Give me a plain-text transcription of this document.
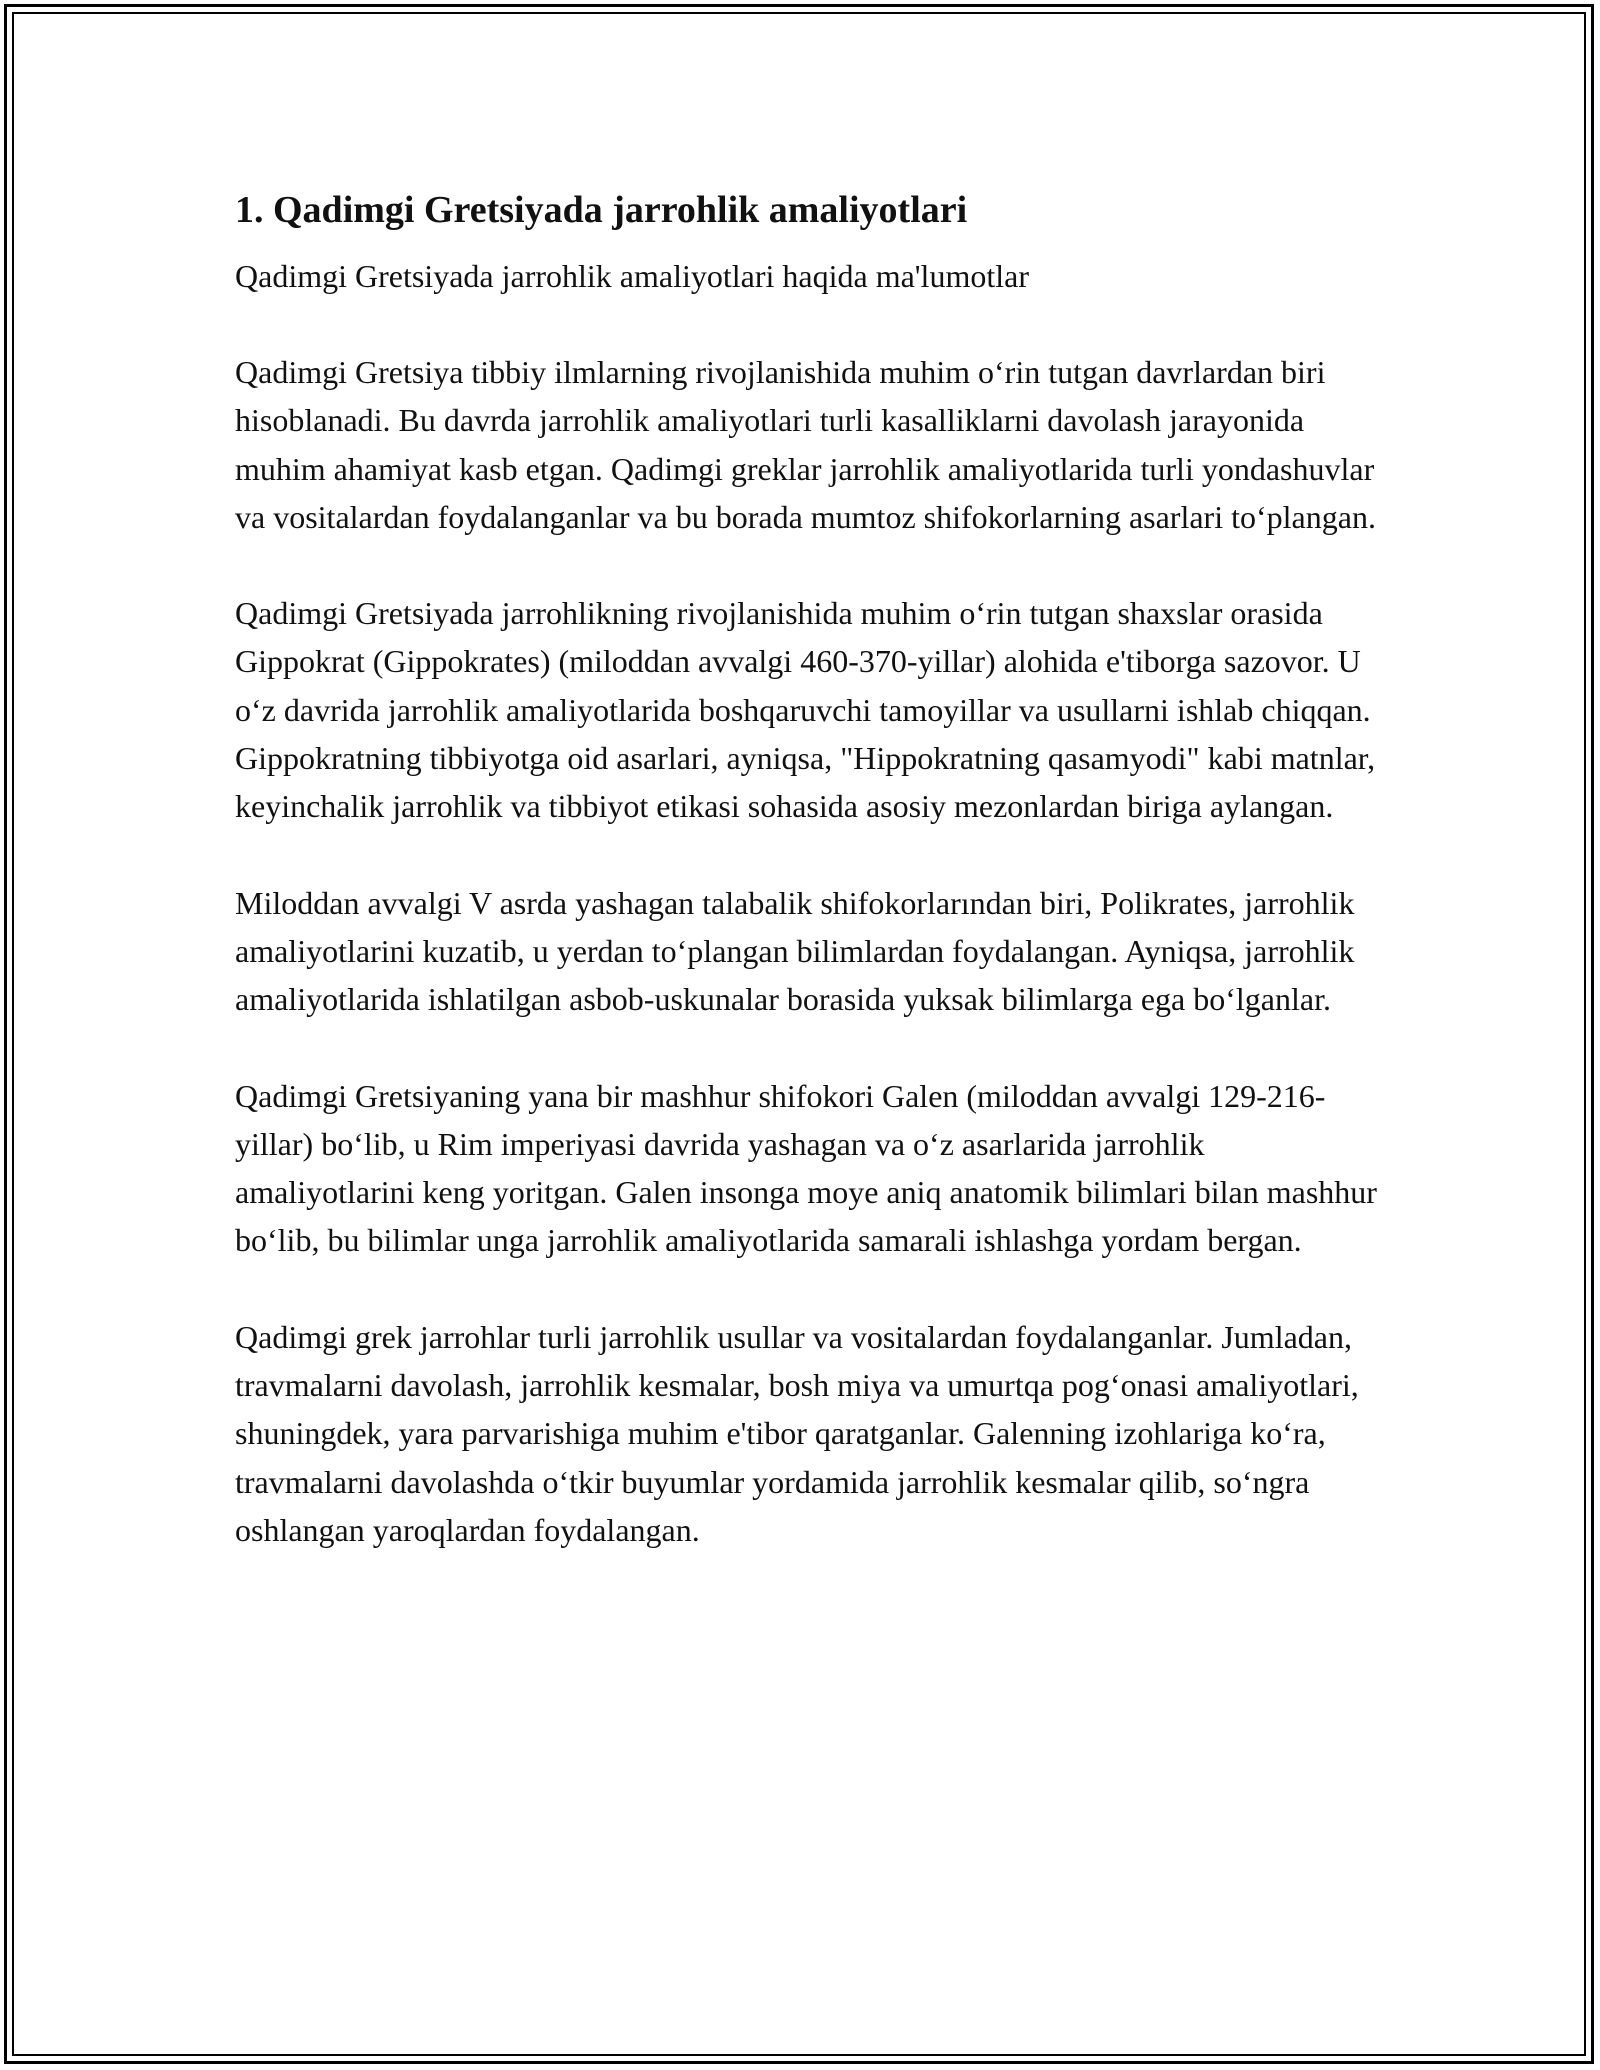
1. Qadimgi Gretsiyada jarrohlik amaliyotlari

Qadimgi Gretsiyada jarrohlik amaliyotlari haqida ma'lumotlar

Qadimgi Gretsiya tibbiy ilmlarning rivojlanishida muhim o‘rin tutgan davrlardan biri hisoblanadi. Bu davrda jarrohlik amaliyotlari turli kasalliklarni davolash jarayonida muhim ahamiyat kasb etgan. Qadimgi greklar jarrohlik amaliyotlarida turli yondashuvlar va vositalardan foydalanganlar va bu borada mumtoz shifokorlarning asarlari to‘plangan.

Qadimgi Gretsiyada jarrohlikning rivojlanishida muhim o‘rin tutgan shaxslar orasida Gippokrat (Gippokrates) (miloddan avvalgi 460-370-yillar) alohida e'tiborga sazovor. U o‘z davrida jarrohlik amaliyotlarida boshqaruvchi tamoyillar va usullarni ishlab chiqqan. Gippokratning tibbiyotga oid asarlari, ayniqsa, "Hippokratning qasamyodi" kabi matnlar, keyinchalik jarrohlik va tibbiyot etikasi sohasida asosiy mezonlardan biriga aylangan.

Miloddan avvalgi V asrda yashagan talabalik shifokorlarından biri, Polikrates, jarrohlik amaliyotlarini kuzatib, u yerdan to‘plangan bilimlardan foydalangan. Ayniqsa, jarrohlik amaliyotlarida ishlatilgan asbob-uskunalar borasida yuksak bilimlarga ega bo‘lganlar.

Qadimgi Gretsiyaning yana bir mashhur shifokori Galen (miloddan avvalgi 129-216-yillar) bo‘lib, u Rim imperiyasi davrida yashagan va o‘z asarlarida jarrohlik amaliyotlarini keng yoritgan. Galen insonga moye aniq anatomik bilimlari bilan mashhur bo‘lib, bu bilimlar unga jarrohlik amaliyotlarida samarali ishlashga yordam bergan.

Qadimgi grek jarrohlar turli jarrohlik usullar va vositalardan foydalanganlar. Jumladan, travmalarni davolash, jarrohlik kesmalar, bosh miya va umurtqa pog‘onasi amaliyotlari, shuningdek, yara parvarishiga muhim e'tibor qaratganlar. Galenning izohlariga ko‘ra, travmalarni davolashda o‘tkir buyumlar yordamida jarrohlik kesmalar qilib, so‘ngra oshlangan yaroqlardan foydalangan.
